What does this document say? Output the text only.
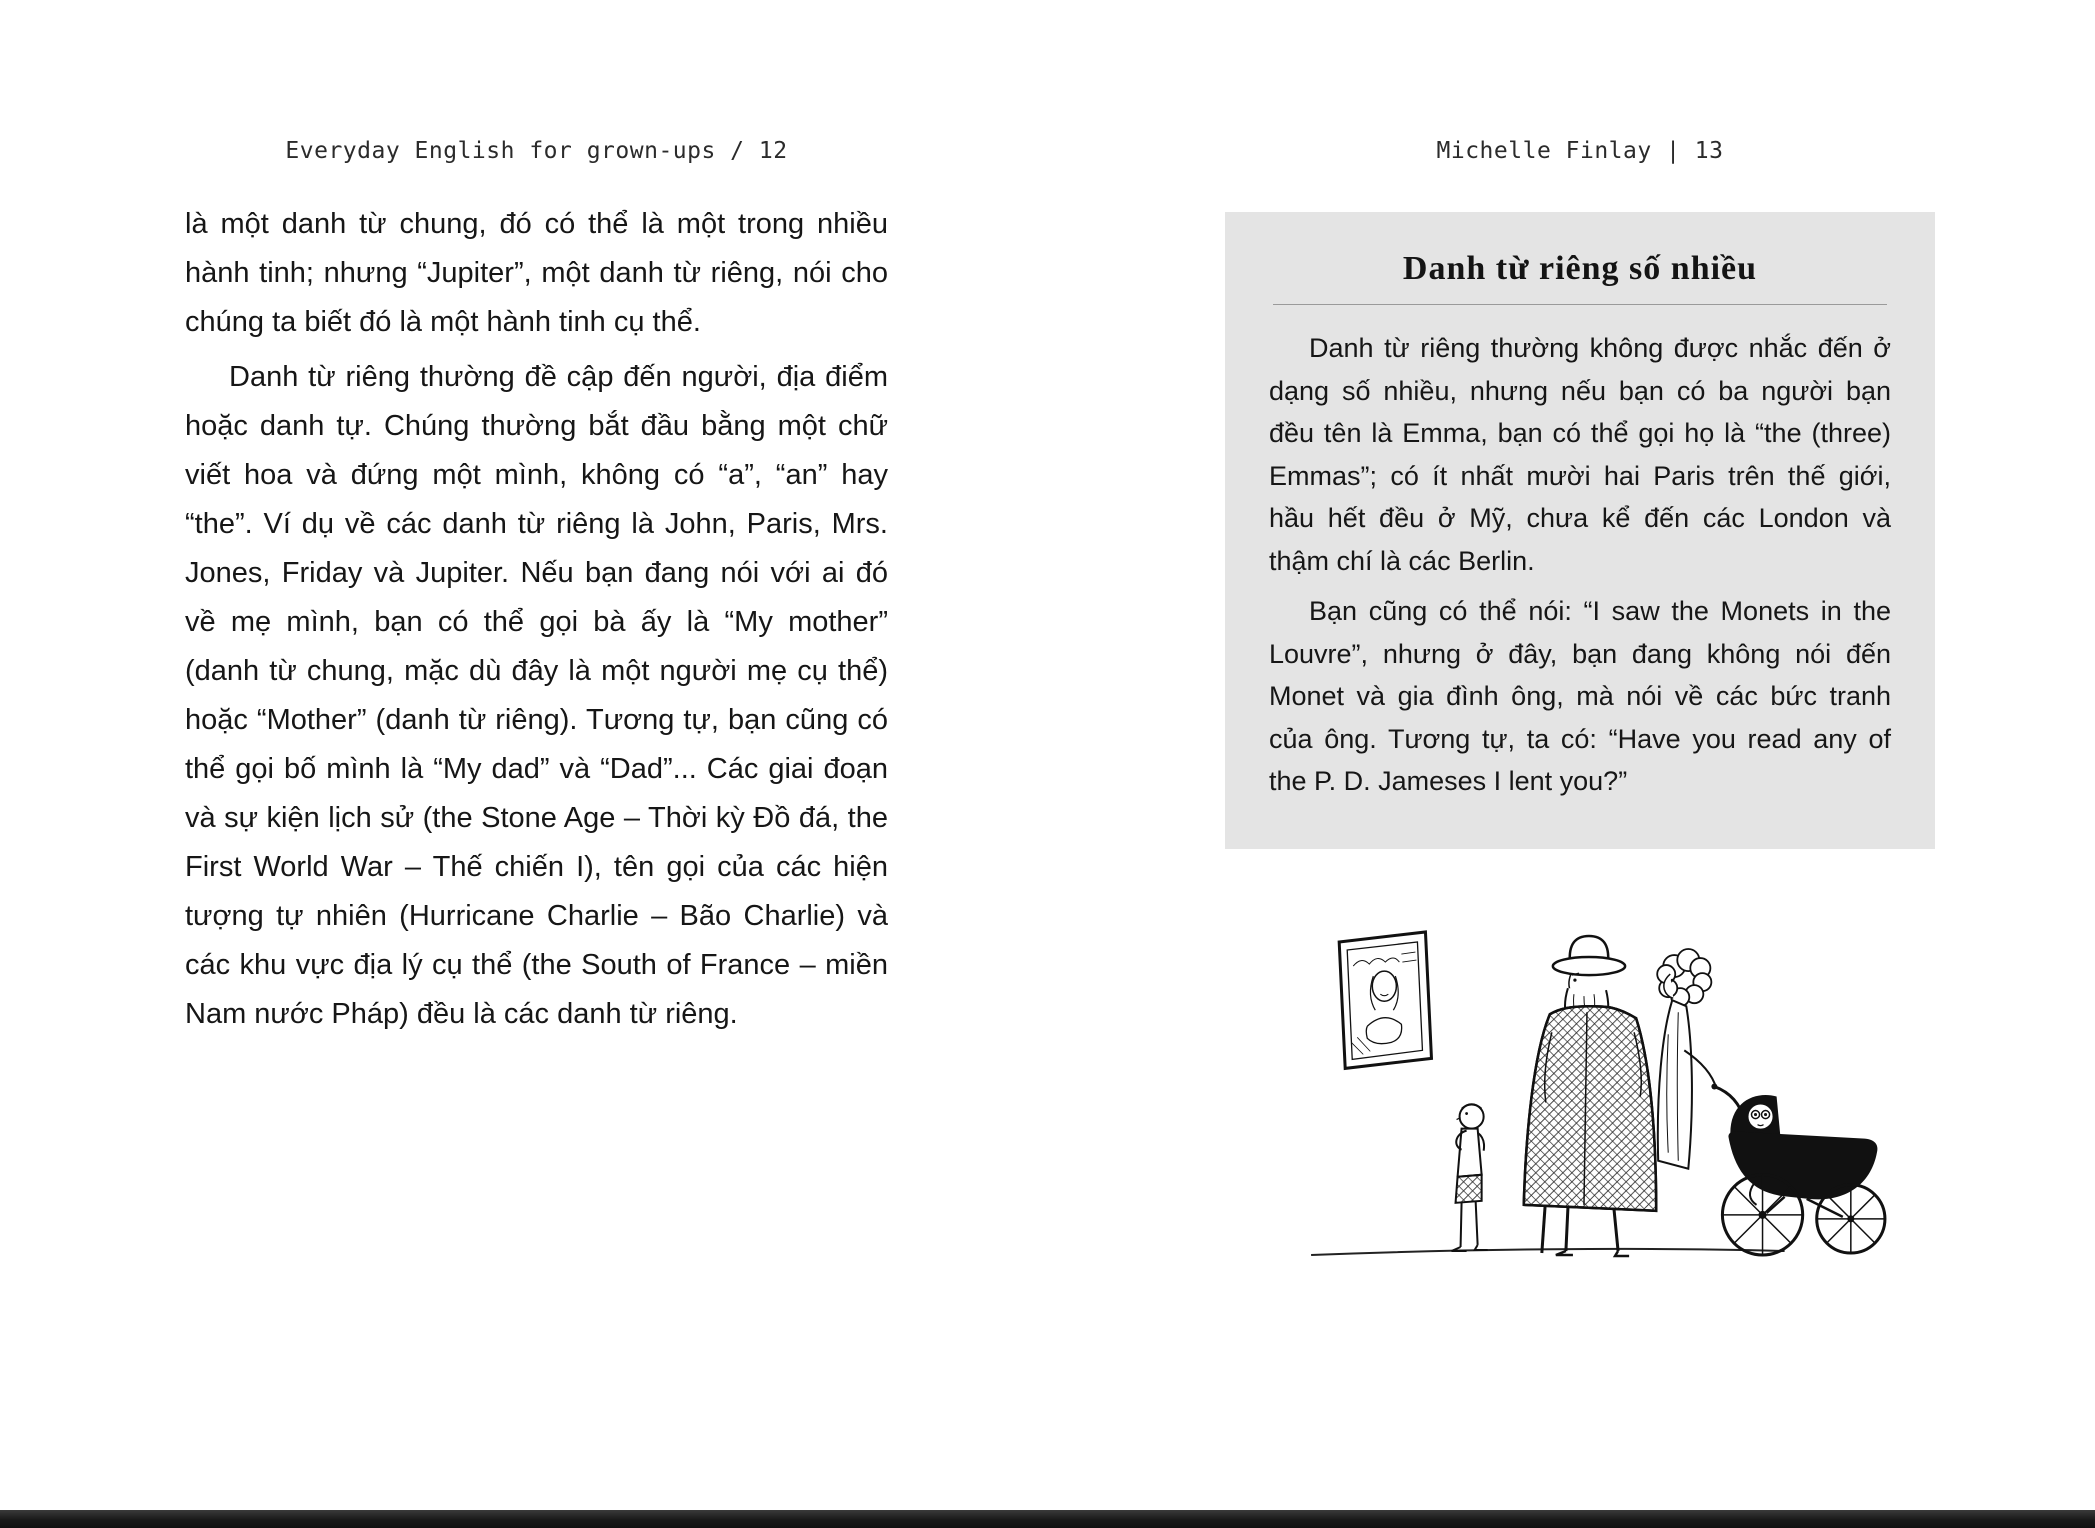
Everyday English for grown-ups / 12

là một danh từ chung, đó có thể là một trong nhiều hành tinh; nhưng “Jupiter”, một danh từ riêng, nói cho chúng ta biết đó là một hành tinh cụ thể.

Danh từ riêng thường đề cập đến người, địa điểm hoặc danh tự. Chúng thường bắt đầu bằng một chữ viết hoa và đứng một mình, không có “a”, “an” hay “the”. Ví dụ về các danh từ riêng là John, Paris, Mrs. Jones, Friday và Jupiter. Nếu bạn đang nói với ai đó về mẹ mình, bạn có thể gọi bà ấy là “My mother” (danh từ chung, mặc dù đây là một người mẹ cụ thể) hoặc “Mother” (danh từ riêng). Tương tự, bạn cũng có thể gọi bố mình là “My dad” và “Dad”... Các giai đoạn và sự kiện lịch sử (the Stone Age – Thời kỳ Đồ đá, the First World War – Thế chiến I), tên gọi của các hiện tượng tự nhiên (Hurricane Charlie – Bão Charlie) và các khu vực địa lý cụ thể (the South of France – miền Nam nước Pháp) đều là các danh từ riêng.

Michelle Finlay | 13
Danh từ riêng số nhiều

Danh từ riêng thường không được nhắc đến ở dạng số nhiều, nhưng nếu bạn có ba người bạn đều tên là Emma, bạn có thể gọi họ là “the (three) Emmas”; có ít nhất mười hai Paris trên thế giới, hầu hết đều ở Mỹ, chưa kể đến các London và thậm chí là các Berlin.

Bạn cũng có thể nói: “I saw the Monets in the Louvre”, nhưng ở đây, bạn đang không nói đến Monet và gia đình ông, mà nói về các bức tranh của ông. Tương tự, ta có: “Have you read any of the P. D. Jameses I lent you?”
